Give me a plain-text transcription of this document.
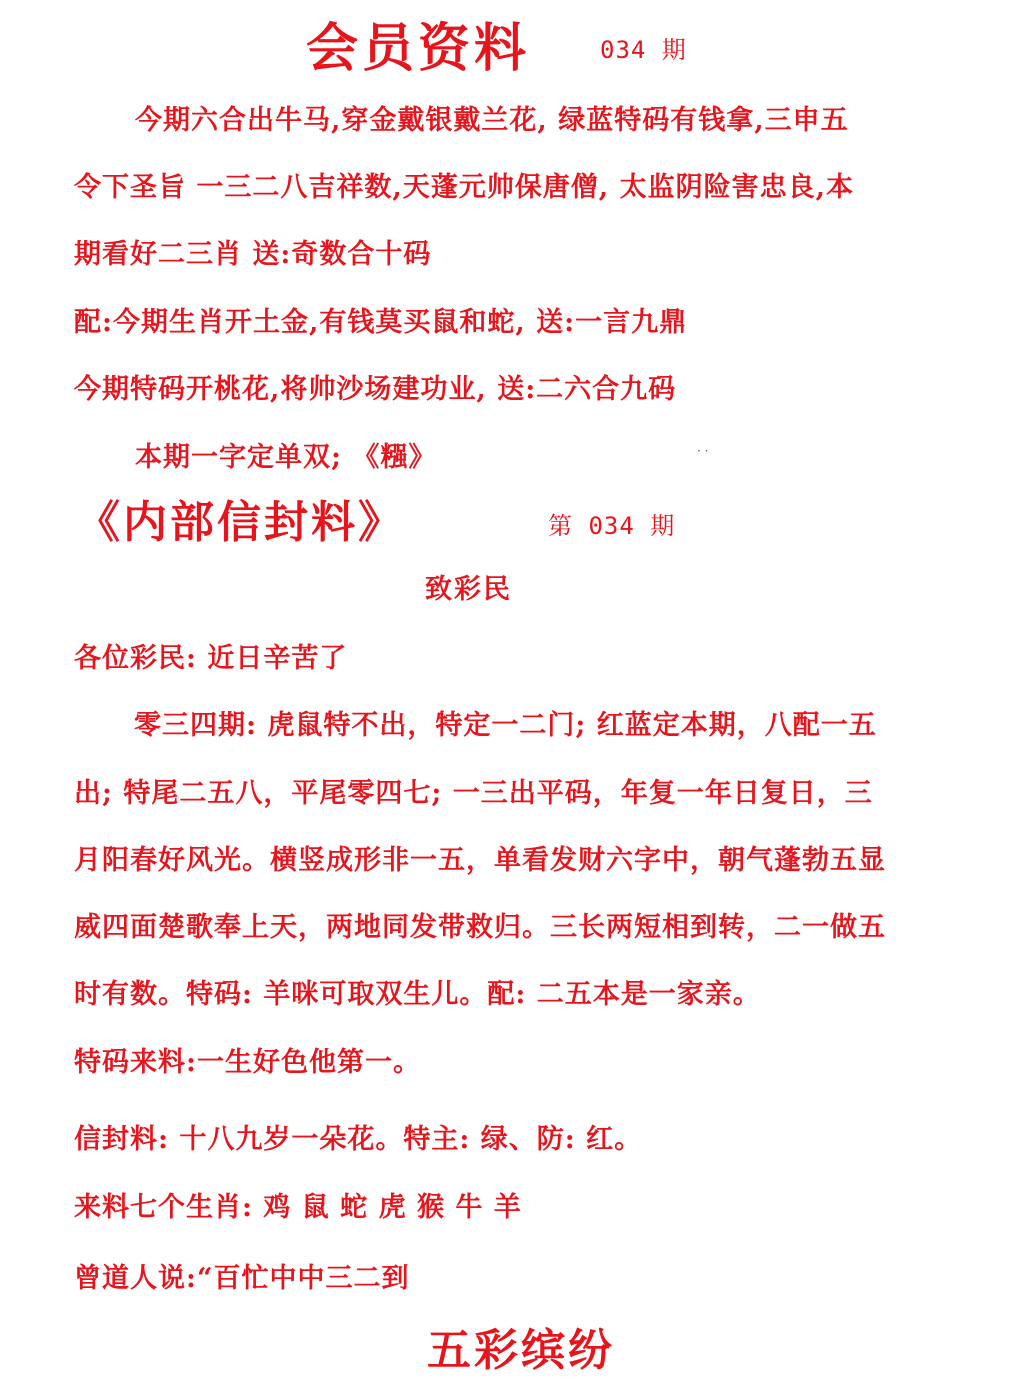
会员资料	034 期
今期六合出牛马,穿金戴银戴兰花, 绿蓝特码有钱拿,三申五
令下圣旨 一三二八吉祥数,天蓬元帅保唐僧, 太监阴险害忠良,本
期看好二三肖 送:奇数合十码
配:今期生肖开土金,有钱莫买鼠和蛇, 送:一言九鼎
今期特码开桃花,将帅沙场建功业, 送:二六合九码
本期一字定单双; 《糨》	· ·
《内部信封料》	第 034 期
致彩民
各位彩民: 近日辛苦了
零三四期: 虎鼠特不出，特定一二门; 红蓝定本期，八配一五
出; 特尾二五八，平尾零四七; 一三出平码，年复一年日复日，三
月阳春好风光。横竖成形非一五，单看发财六字中，朝气蓬勃五显
威四面楚歌奉上天，两地同发带救归。三长两短相到转，二一做五
时有数。特码: 羊咪可取双生儿。配: 二五本是一家亲。
特码来料:一生好色他第一。
信封料: 十八九岁一朵花。特主: 绿、防: 红。
来料七个生肖: 鸡 鼠 蛇 虎 猴 牛 羊
曾道人说:“百忙中中三二到
五彩缤纷
